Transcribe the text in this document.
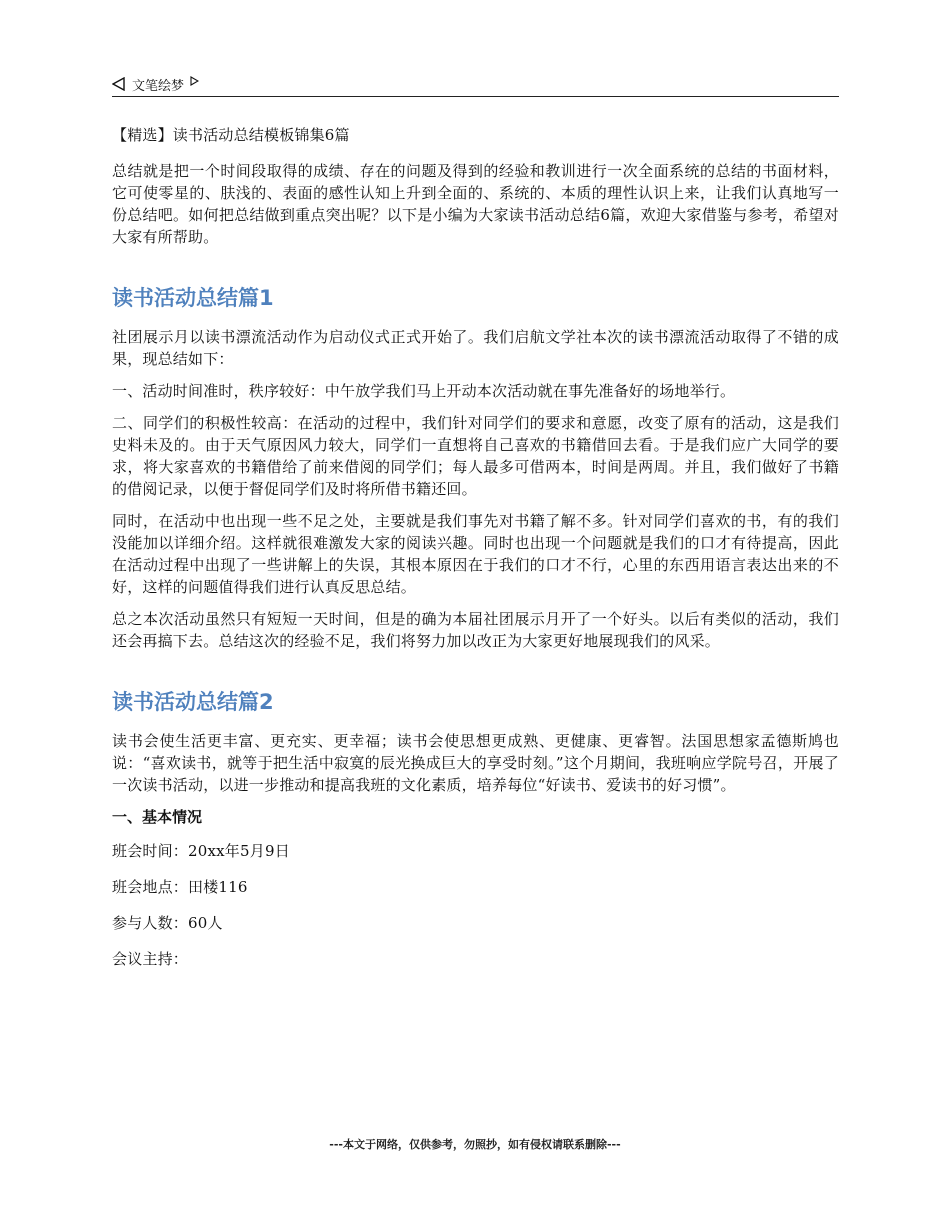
文笔绘梦

【精选】读书活动总结模板锦集6篇

总结就是把一个时间段取得的成绩、存在的问题及得到的经验和教训进行一次全面系统的总结的书面材料，它可使零星的、肤浅的、表面的感性认知上升到全面的、系统的、本质的理性认识上来，让我们认真地写一份总结吧。如何把总结做到重点突出呢？以下是小编为大家读书活动总结6篇，欢迎大家借鉴与参考，希望对大家有所帮助。

读书活动总结篇1

社团展示月以读书漂流活动作为启动仪式正式开始了。我们启航文学社本次的读书漂流活动取得了不错的成果，现总结如下：

一、活动时间准时，秩序较好：中午放学我们马上开动本次活动就在事先准备好的场地举行。

二、同学们的积极性较高：在活动的过程中，我们针对同学们的要求和意愿，改变了原有的活动，这是我们史料未及的。由于天气原因风力较大，同学们一直想将自己喜欢的书籍借回去看。于是我们应广大同学的要求，将大家喜欢的书籍借给了前来借阅的同学们；每人最多可借两本，时间是两周。并且，我们做好了书籍的借阅记录，以便于督促同学们及时将所借书籍还回。

同时，在活动中也出现一些不足之处，主要就是我们事先对书籍了解不多。针对同学们喜欢的书，有的我们没能加以详细介绍。这样就很难激发大家的阅读兴趣。同时也出现一个问题就是我们的口才有待提高，因此在活动过程中出现了一些讲解上的失误，其根本原因在于我们的口才不行，心里的东西用语言表达出来的不好，这样的问题值得我们进行认真反思总结。

总之本次活动虽然只有短短一天时间，但是的确为本届社团展示月开了一个好头。以后有类似的活动，我们还会再搞下去。总结这次的经验不足，我们将努力加以改正为大家更好地展现我们的风采。

读书活动总结篇2

读书会使生活更丰富、更充实、更幸福；读书会使思想更成熟、更健康、更睿智。法国思想家孟德斯鸠也说：“喜欢读书，就等于把生活中寂寞的辰光换成巨大的享受时刻。”这个月期间，我班响应学院号召，开展了一次读书活动，以进一步推动和提高我班的文化素质，培养每位“好读书、爱读书的好习惯”。

一、基本情况

班会时间：20xx年5月9日

班会地点：田楼116

参与人数：60人

会议主持：

---本文于网络，仅供参考，勿照抄，如有侵权请联系删除---
